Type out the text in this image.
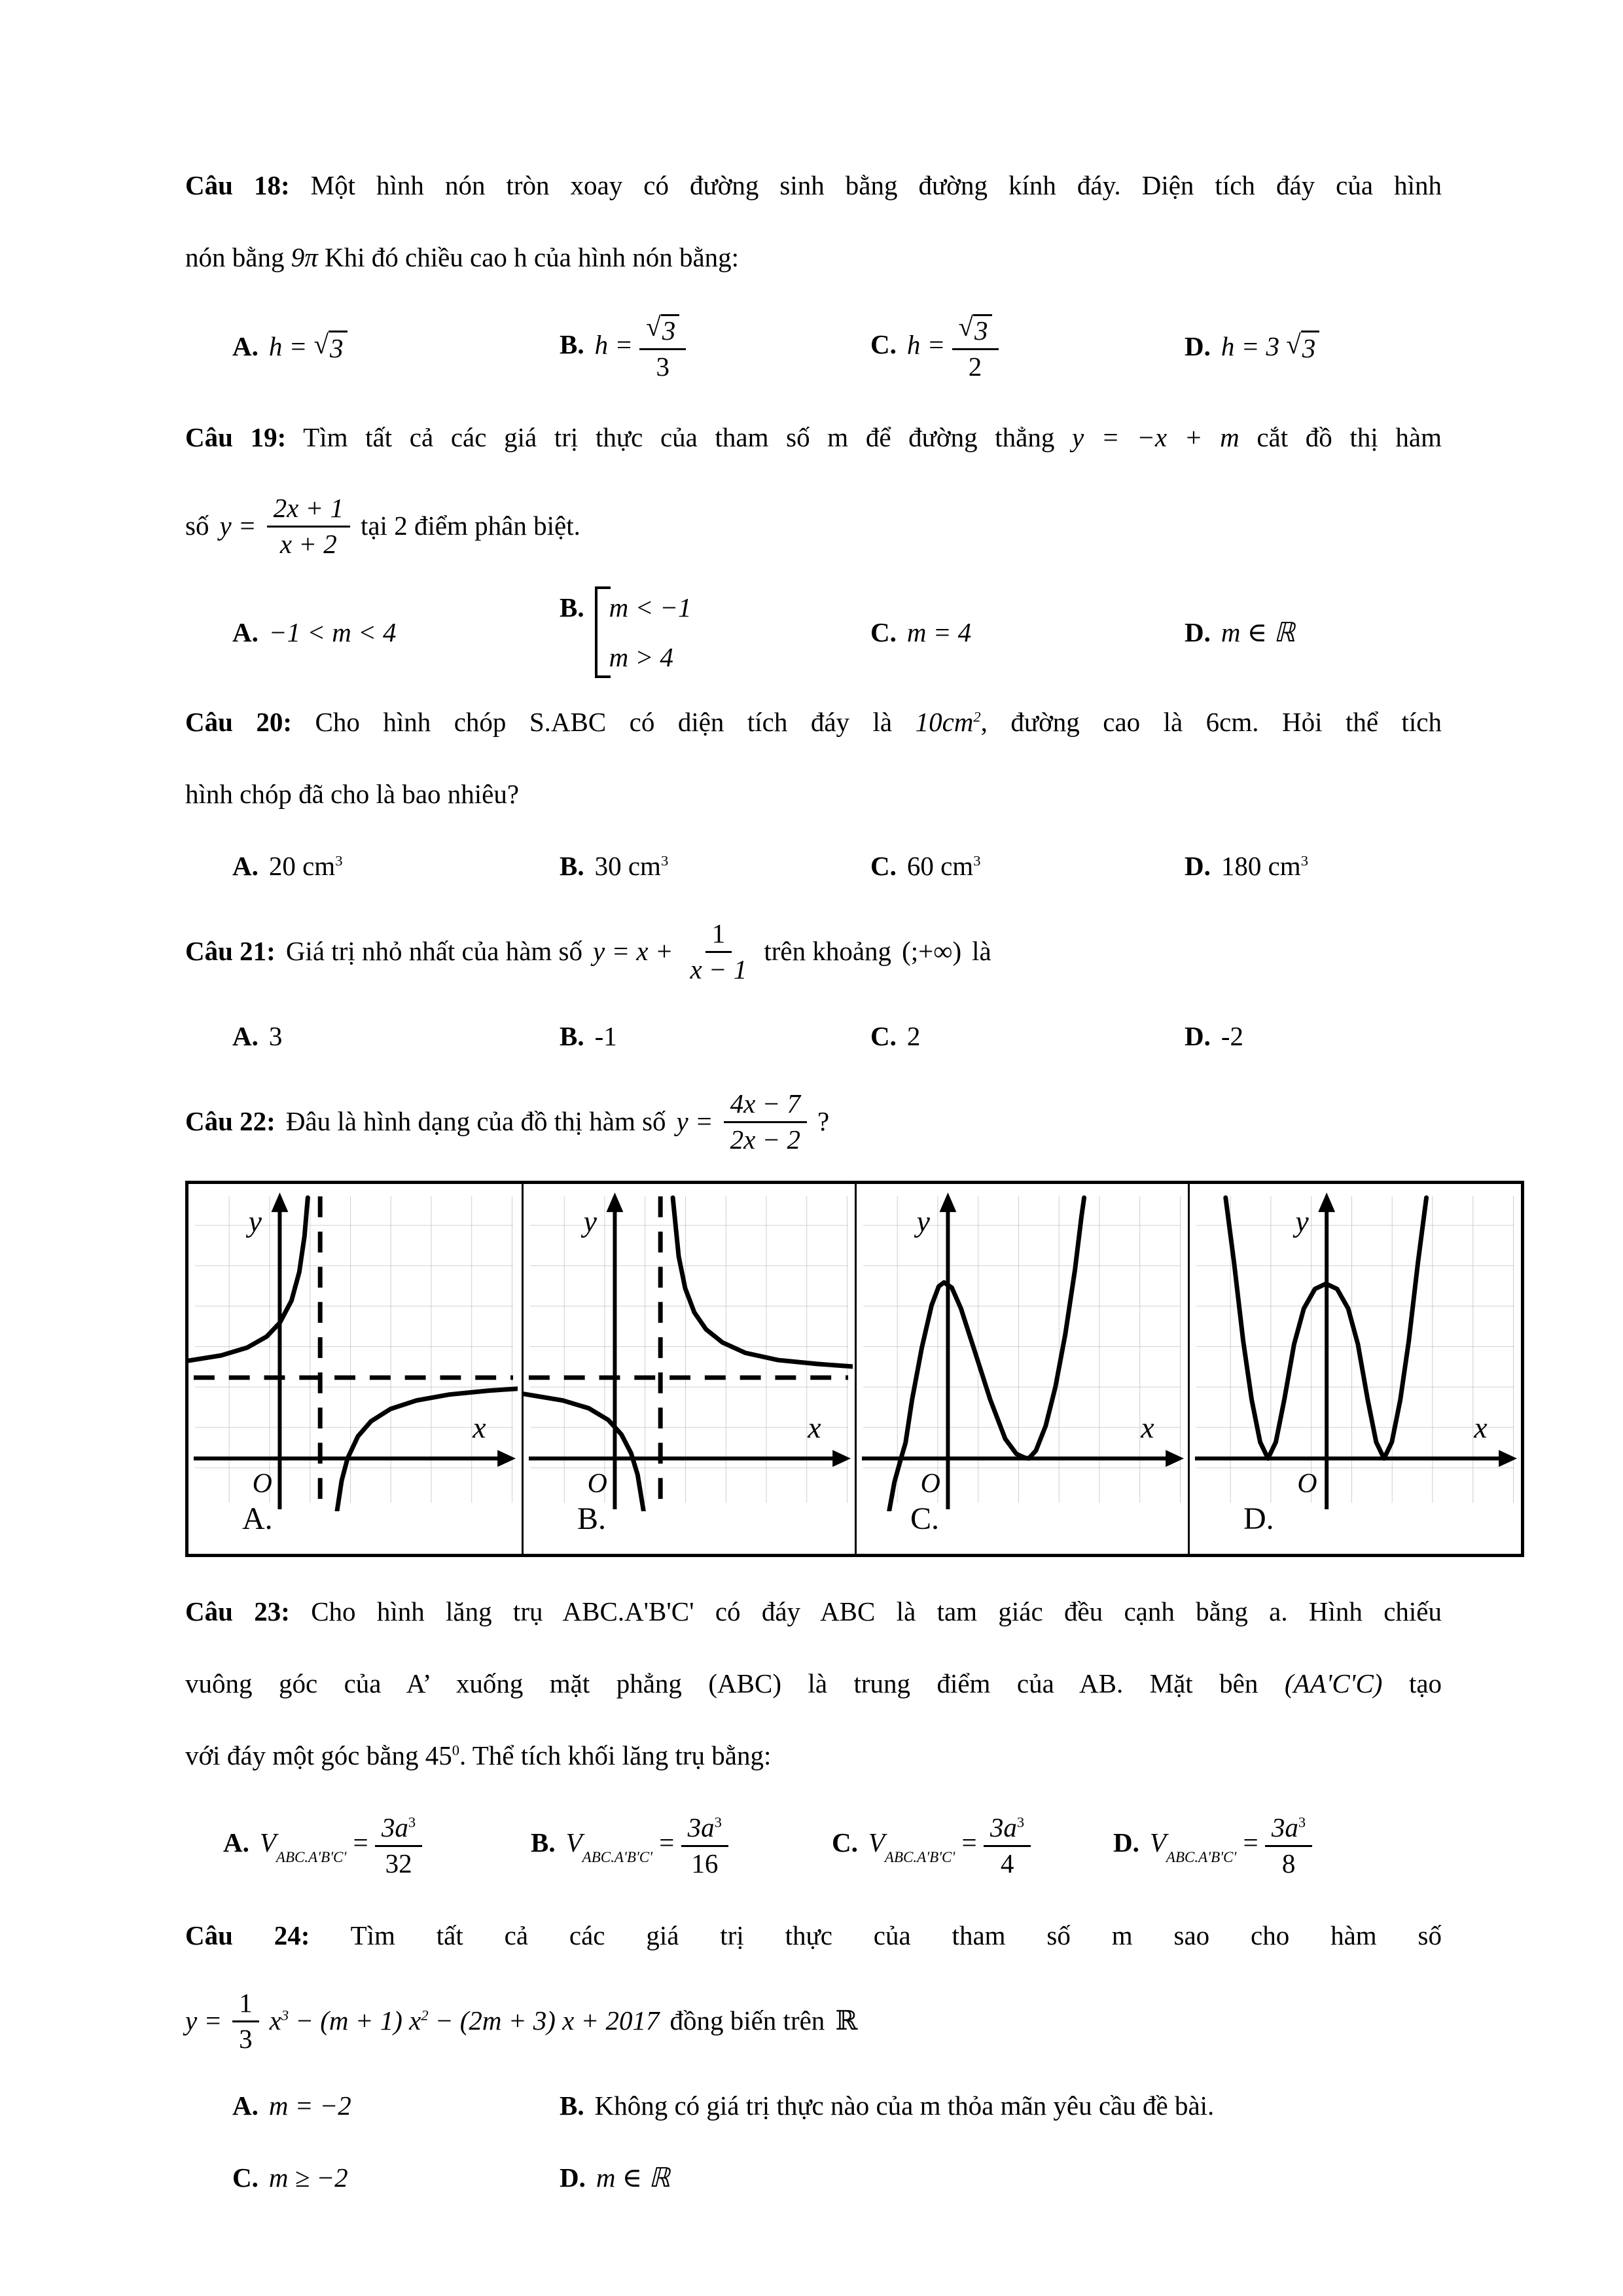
Câu 18: Một hình nón tròn xoay có đường sinh bằng đường kính đáy. Diện tích đáy của hình
nón bằng 9π Khi đó chiều cao h của hình nón bằng:
A. h = √ 3	B. $h = \frac{√ 3}{3}$	C. $h = \frac{√ 3}{2}$	D. h = 3 √ 3
Câu 19: Tìm tất cả các giá trị thực của tham số m để đường thẳng y = −x + m cắt đồ thị hàm
số $y = \frac{2x + 1}{x + 2}$ tại 2 điểm phân biệt.
A. −1 < m < 4
B. m < −1
m > 4
C. m = 4	D. m ∈ ℝ
Câu 20: Cho hình chóp S.ABC có diện tích đáy là $10cm^2$, đường cao là 6cm. Hỏi thể tích
hình chóp đã cho là bao nhiêu?
A. 20 $cm^3$	B. 30 $cm^3$	C. 60 $cm^3$	D. 180 $cm^3$
Câu 21: Giá trị nhỏ nhất của hàm số $y = x + \frac{1}{x - 1}$ trên khoảng (;+∞) là
A. 3	B. -1	C. 2	D. -2
Câu 22: Đâu là hình dạng của đồ thị hàm số $y = \frac{4x - 7}{2x - 2}$ ?
y
x
O
A.
y
x
O
B.
y
x
O
C.
y
x
O
D.
Câu 23: Cho hình lăng trụ ABC.A'B'C' có đáy ABC là tam giác đều cạnh bằng a. Hình chiếu
vuông góc của A’ xuống mặt phẳng (ABC) là trung điểm của AB. Mặt bên (AA'C'C) tạo
với đáy một góc bằng $45^0$. Thể tích khối lăng trụ bằng:
A. $V_{ABC.A'B'C'} = \frac{3a^3}{32}$	B. $V_{ABC.A'B'C'} = \frac{3a^3}{16}$	C. $V_{ABC.A'B'C'} = \frac{3a^3}{4}$	D. $V_{ABC.A'B'C'} = \frac{3a^3}{8}$
Câu 24: Tìm tất cả các giá trị thực của tham số m sao cho hàm số
$y = \frac{1}{3} x^3 - (m + 1) x^2 - (2m + 3) x + 2017$ đồng biến trên ℝ
A. m = −2	B. Không có giá trị thực nào của m thỏa mãn yêu cầu đề bài.
C. m ≥ −2	D. m ∈ ℝ
